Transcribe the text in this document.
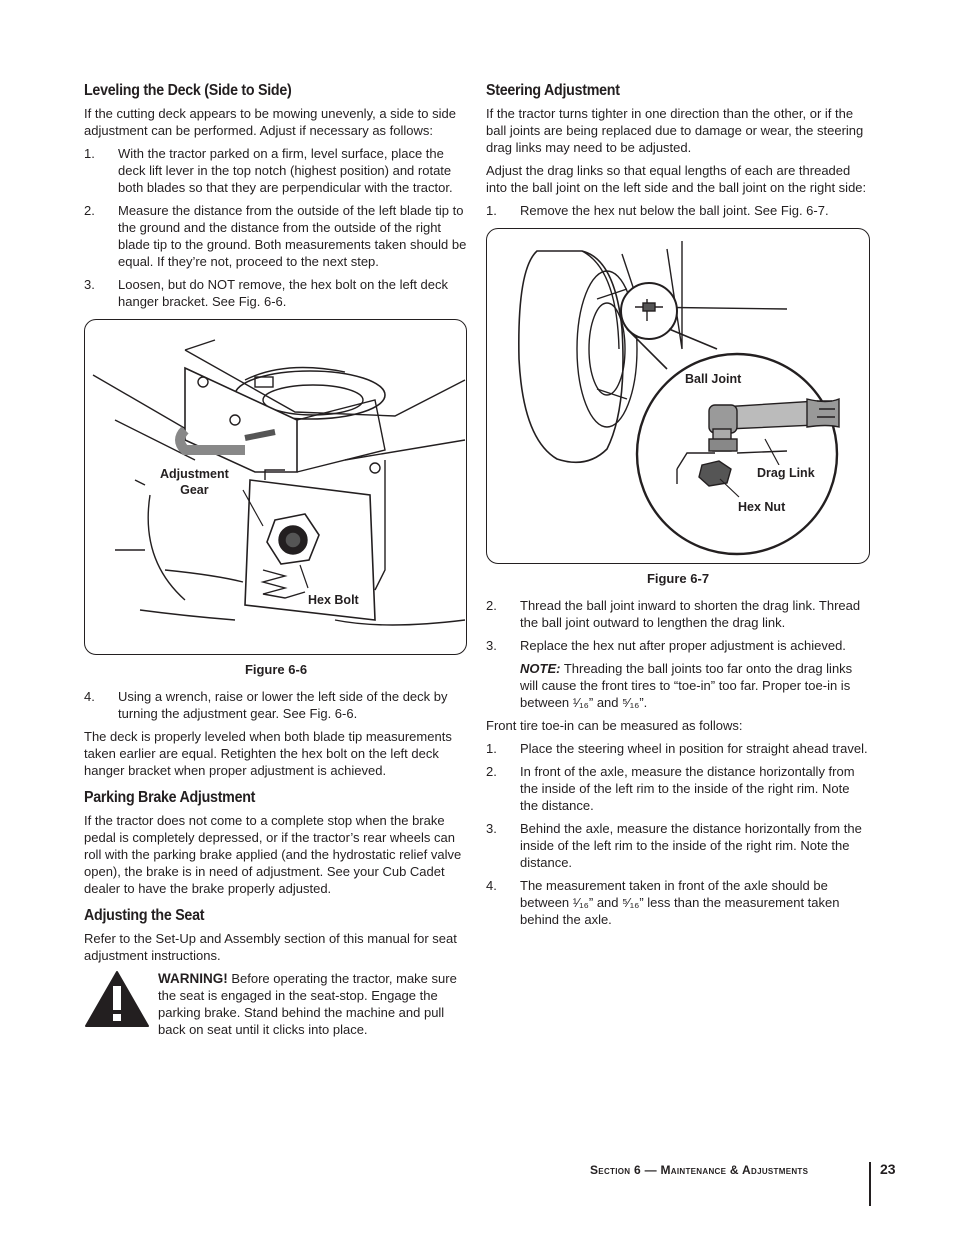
Leveling the Deck (Side to Side)

If the cutting deck appears to be mowing unevenly, a side to side adjustment can be performed. Adjust if necessary as follows:

1.	With the tractor parked on a firm, level surface, place the deck lift lever in the top notch (highest position) and rotate both blades so that they are perpendicular with the tractor.
2.	Measure the distance from the outside of the left blade tip to the ground and the distance from the outside of the right blade tip to the ground. Both measurements taken should be equal. If they’re not, proceed to the next step.
3.	Loosen, but do NOT remove, the hex bolt on the left deck hanger bracket. See Fig. 6-6.
Adjustment
Gear
Hex Bolt
Figure 6-6
4.	Using a wrench, raise or lower the left side of the deck by turning the adjustment gear. See Fig. 6-6.

The deck is properly leveled when both blade tip measurements taken earlier are equal. Retighten the hex bolt on the left deck hanger bracket when proper adjustment is achieved.

Parking Brake Adjustment

If the tractor does not come to a complete stop when the brake pedal is completely depressed, or if the tractor’s rear wheels can roll with the parking brake applied (and the hydrostatic relief valve open), the brake is in need of adjustment. See your Cub Cadet dealer to have the brake properly adjusted.

Adjusting the Seat

Refer to the Set-Up and Assembly section of this manual for seat adjustment instructions.

WARNING! Before operating the tractor, make sure the seat is engaged in the seat-stop. Engage the parking brake. Stand behind the machine and pull back on seat until it clicks into place.
Steering Adjustment

If the tractor turns tighter in one direction than the other, or if the ball joints are being replaced due to damage or wear, the steering drag links may need to be adjusted.

Adjust the drag links so that equal lengths of each are threaded into the ball joint on the left side and the ball joint on the right side:

1.	Remove the hex nut below the ball joint. See Fig. 6-7.
Ball Joint
Drag Link
Hex Nut
Figure 6-7
2.	Thread the ball joint inward to shorten the drag link. Thread the ball joint outward to lengthen the drag link.
3.	Replace the hex nut after proper adjustment is achieved.

NOTE: Threading the ball joints too far onto the drag links will cause the front tires to “toe-in” too far. Proper toe-in is between ¹⁄₁₆” and ⁵⁄₁₆”.

Front tire toe-in can be measured as follows:

1.	Place the steering wheel in position for straight ahead travel.
2.	In front of the axle, measure the distance horizontally from the inside of the left rim to the inside of the right rim. Note the distance.
3.	Behind the axle, measure the distance horizontally from the inside of the left rim to the inside of the right rim. Note the distance.
4.	The measurement taken in front of the axle should be between ¹⁄₁₆” and ⁵⁄₁₆” less than the measurement taken behind the axle.
Section 6 — Maintenance & Adjustments	23
